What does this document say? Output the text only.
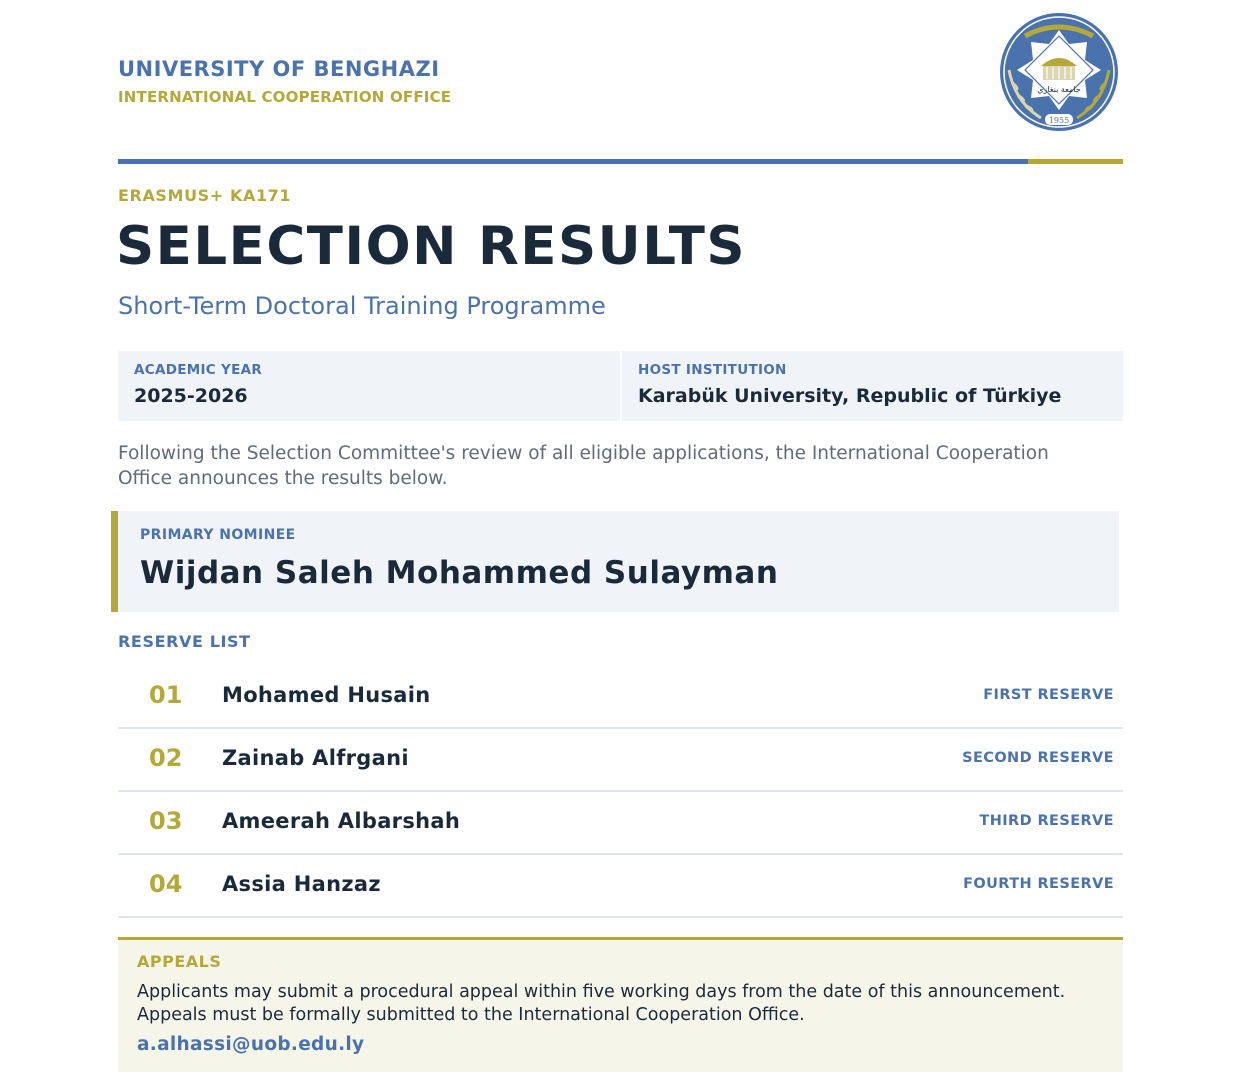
UNIVERSITY OF BENGHAZI
INTERNATIONAL COOPERATION OFFICE	جامعة بنغازي
1955
ERASMUS+ KA171
SELECTION RESULTS
Short-Term Doctoral Training Programme
ACADEMIC YEAR
2025-2026
HOST INSTITUTION
Karabük University, Republic of Türkiye
Following the Selection Committee's review of all eligible applications, the International Cooperation Office announces the results below.
PRIMARY NOMINEE
Wijdan Saleh Mohammed Sulayman
RESERVE LIST
01 Mohamed Husain	FIRST RESERVE
02 Zainab Alfrgani	SECOND RESERVE
03 Ameerah Albarshah	THIRD RESERVE
04 Assia Hanzaz	FOURTH RESERVE
APPEALS
Applicants may submit a procedural appeal within five working days from the date of this announcement. Appeals must be formally submitted to the International Cooperation Office.
a.alhassi@uob.edu.ly
